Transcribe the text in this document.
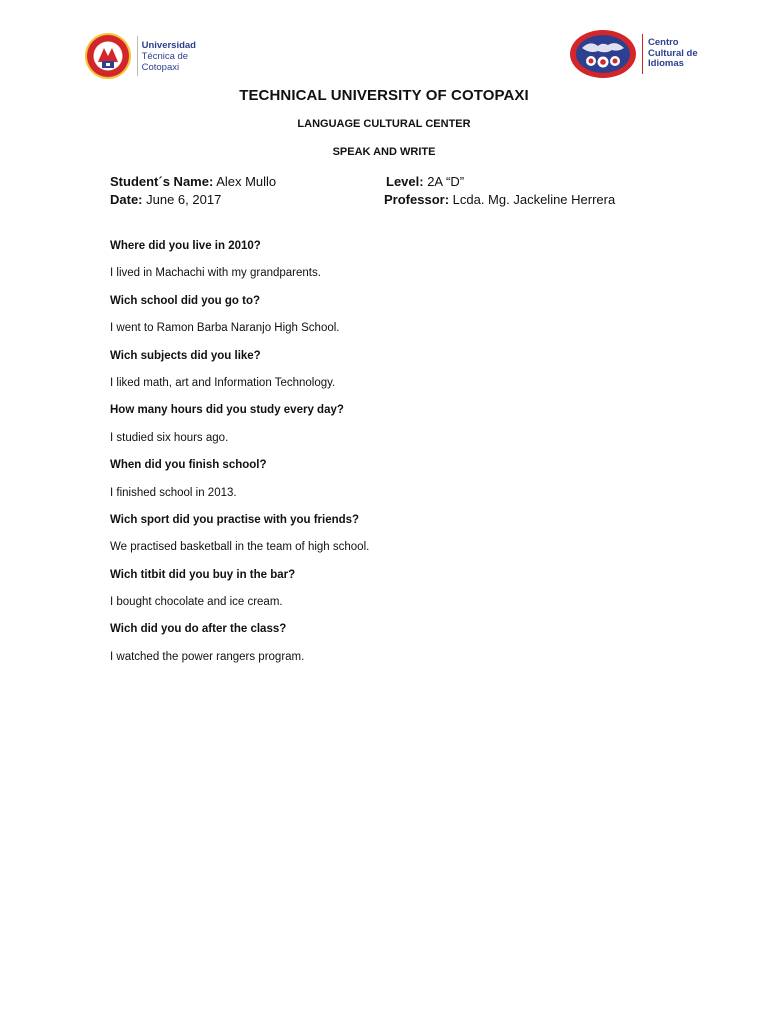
Universidad
Técnica de
Cotopaxi
Centro
Cultural de
Idiomas
TECHNICAL UNIVERSITY OF COTOPAXI
LANGUAGE CULTURAL CENTER
SPEAK AND WRITE
Student´s Name: Alex Mullo	Level: 2A “D”
Date: June 6, 2017	Professor: Lcda. Mg. Jackeline Herrera
Where did you live in 2010?
I lived in Machachi with my grandparents.
Wich school did you go to?
I went to Ramon Barba Naranjo High School.
Wich subjects did you like?
I liked math, art and Information Technology.
How many hours did you study every day?
I studied six hours ago.
When did you finish school?
I finished school in 2013.
Wich sport did you practise with you friends?
We practised basketball in the team of high school.
Wich titbit did you buy in the bar?
I bought chocolate and ice cream.
Wich did you do after the class?
I watched the power rangers program.
